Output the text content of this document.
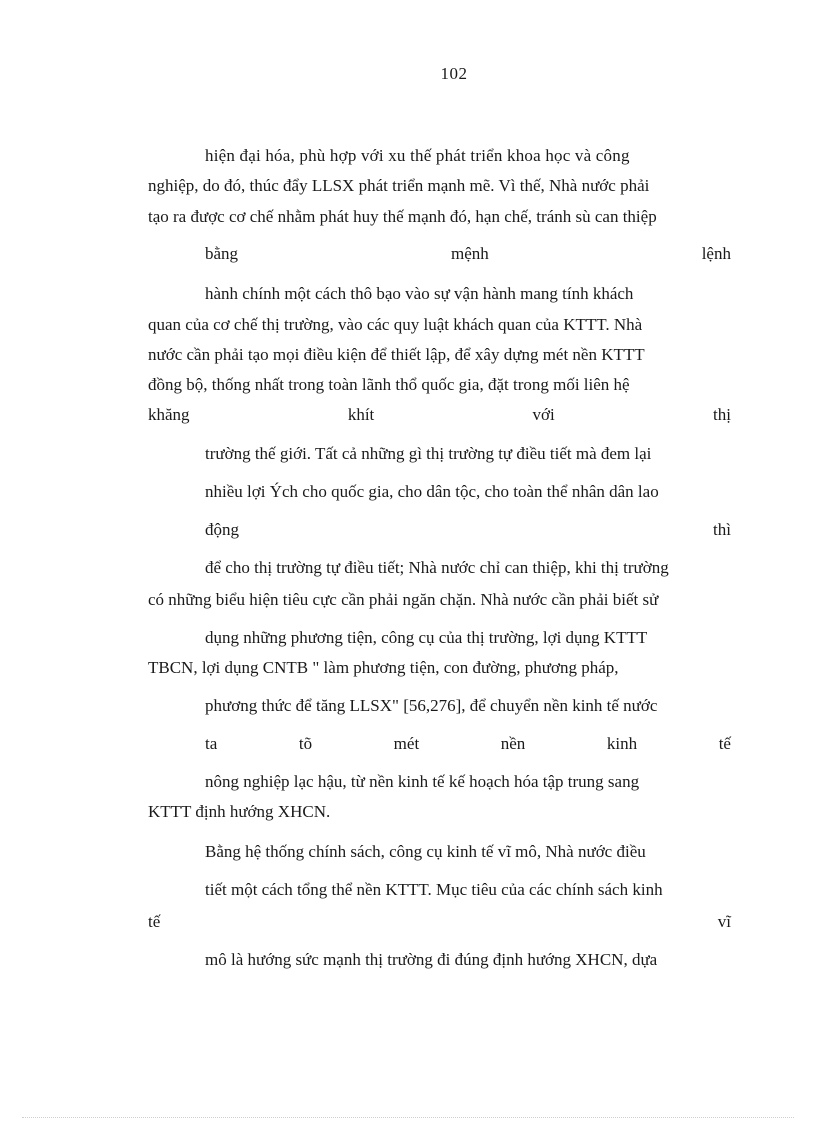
102
hiện đại hóa, phù hợp với xu thế phát triển khoa học và công
nghiệp, do đó, thúc đẩy LLSX phát triển mạnh mẽ. Vì thế, Nhà nước phải
tạo ra được cơ chế nhằm phát huy thế mạnh đó, hạn chế, tránh sù can thiệp
bằng	mệnh	lệnh
hành chính một cách thô bạo vào sự vận hành mang tính khách
quan của cơ chế thị trường, vào các quy luật khách quan của KTTT. Nhà
nước cần phải tạo mọi điều kiện để thiết lập, để xây dựng mét nền KTTT
đồng bộ, thống nhất trong toàn lãnh thổ quốc gia, đặt trong mối liên hệ
khăng	khít	với	thị
trường thế giới. Tất cả những gì thị trường tự điều tiết mà đem lại
nhiều lợi Ých cho quốc gia, cho dân tộc, cho toàn thể nhân dân lao
động	thì
để cho thị trường tự điều tiết; Nhà nước chỉ can thiệp, khi thị trường
có những biểu hiện tiêu cực cần phải ngăn chặn. Nhà nước cần phải biết sử
dụng những phương tiện, công cụ của thị trường, lợi dụng KTTT
TBCN, lợi dụng CNTB " làm phương tiện, con đường, phương pháp,
phương thức để tăng LLSX" [56,276], để chuyển nền kinh tế nước
ta	tõ	mét	nền	kinh	tế
nông nghiệp lạc hậu, từ nền kinh tế kế hoạch hóa tập trung sang
KTTT định hướng XHCN.
Bằng hệ thống chính sách, công cụ kinh tế vĩ mô, Nhà nước điều
tiết một cách tổng thể nền KTTT. Mục tiêu của các chính sách kinh
tế	vĩ
mô là hướng sức mạnh thị trường đi đúng định hướng XHCN, dựa
